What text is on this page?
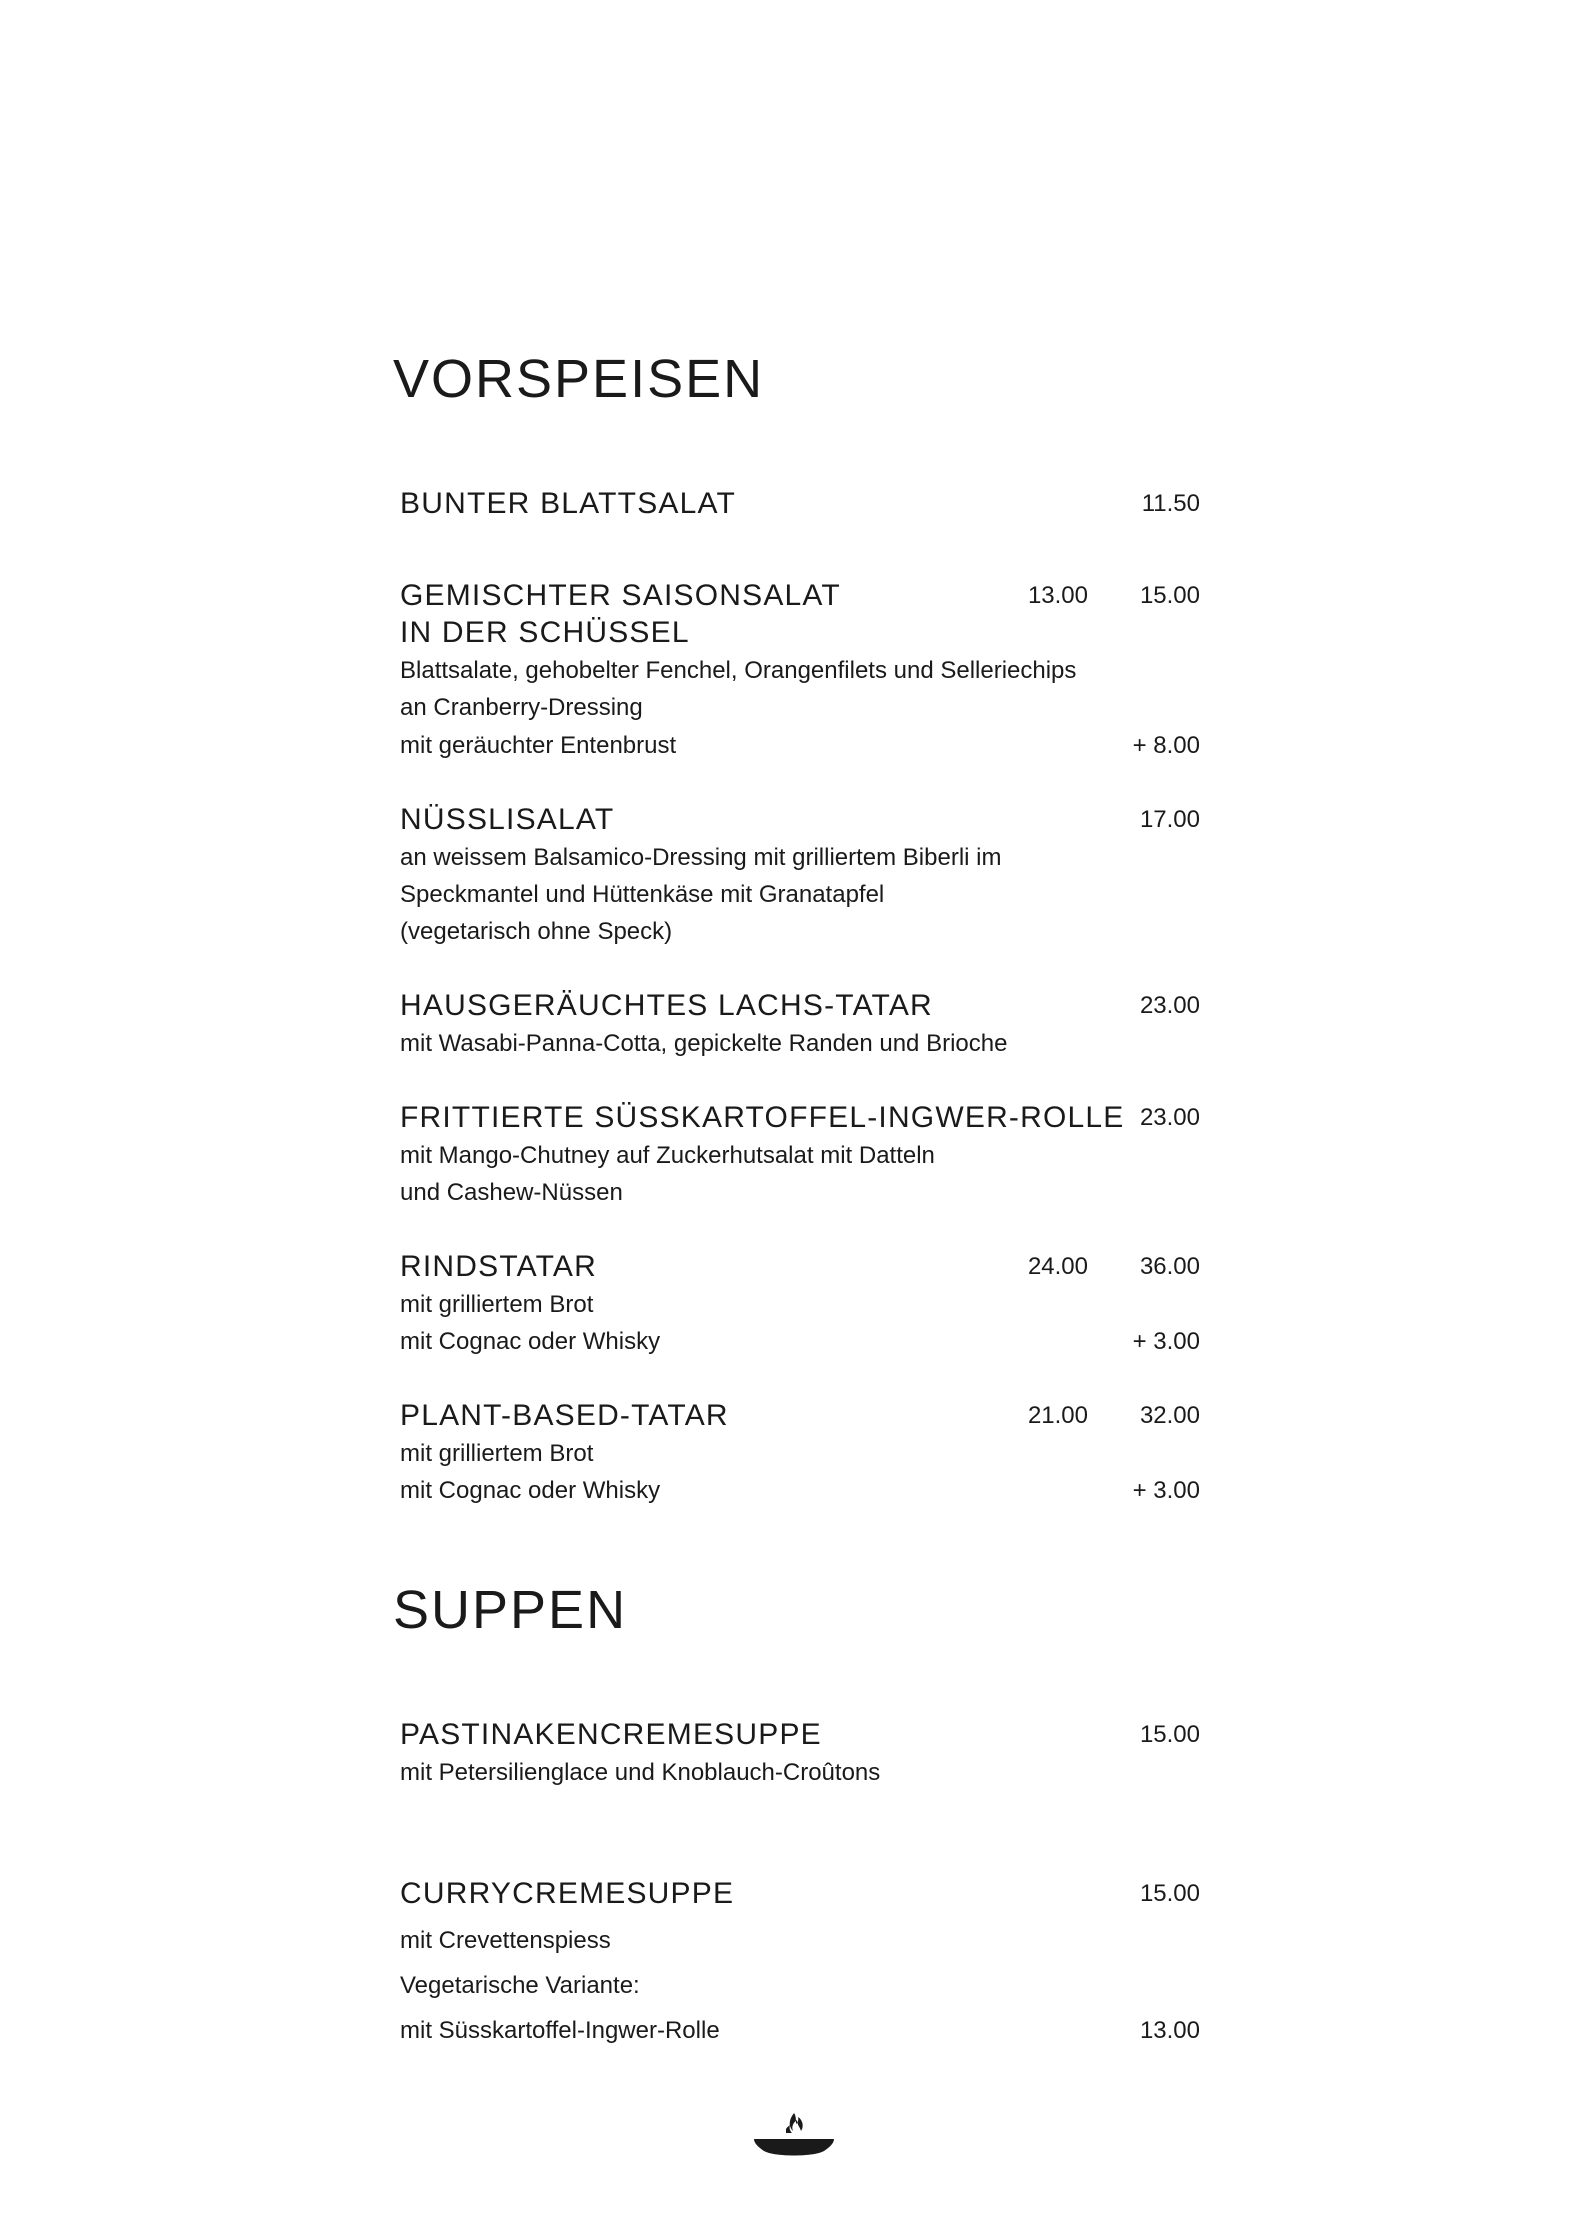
VORSPEISEN
BUNTER BLATTSALAT	11.50
GEMISCHTER SAISONSALAT	13.00	15.00
IN DER SCHÜSSEL
Blattsalate, gehobelter Fenchel, Orangenfilets und Selleriechips
an Cranberry-Dressing
mit geräuchter Entenbrust	+ 8.00
NÜSSLISALAT	17.00
an weissem Balsamico-Dressing mit grilliertem Biberli im
Speckmantel und Hüttenkäse mit Granatapfel
(vegetarisch ohne Speck)
HAUSGERÄUCHTES LACHS-TATAR	23.00
mit Wasabi-Panna-Cotta, gepickelte Randen und Brioche
FRITTIERTE SÜSSKARTOFFEL-INGWER-ROLLE 23.00
mit Mango-Chutney auf Zuckerhutsalat mit Datteln
und Cashew-Nüssen
RINDSTATAR	24.00	36.00
mit grilliertem Brot
mit Cognac oder Whisky	+ 3.00
PLANT-BASED-TATAR	21.00	32.00
mit grilliertem Brot
mit Cognac oder Whisky	+ 3.00
SUPPEN
PASTINAKENCREMESUPPE	15.00
mit Petersilienglace und Knoblauch-Croûtons
CURRYCREMESUPPE	15.00
mit Crevettenspiess
Vegetarische Variante:
mit Süsskartoffel-Ingwer-Rolle	13.00
